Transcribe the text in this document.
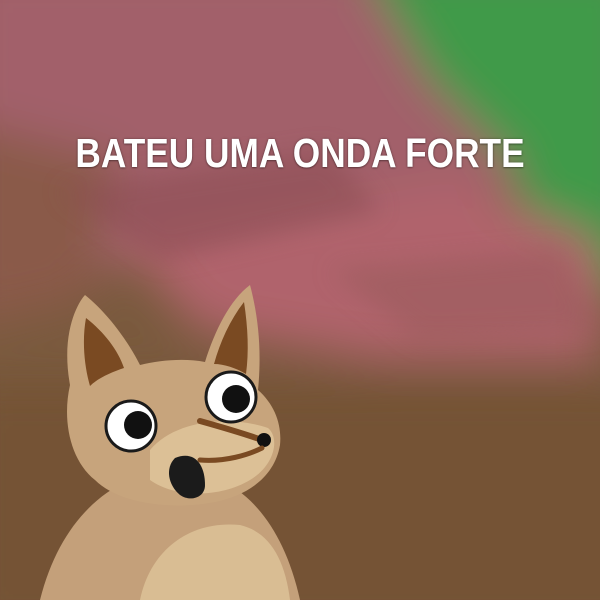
BATEU UMA ONDA FORTE
